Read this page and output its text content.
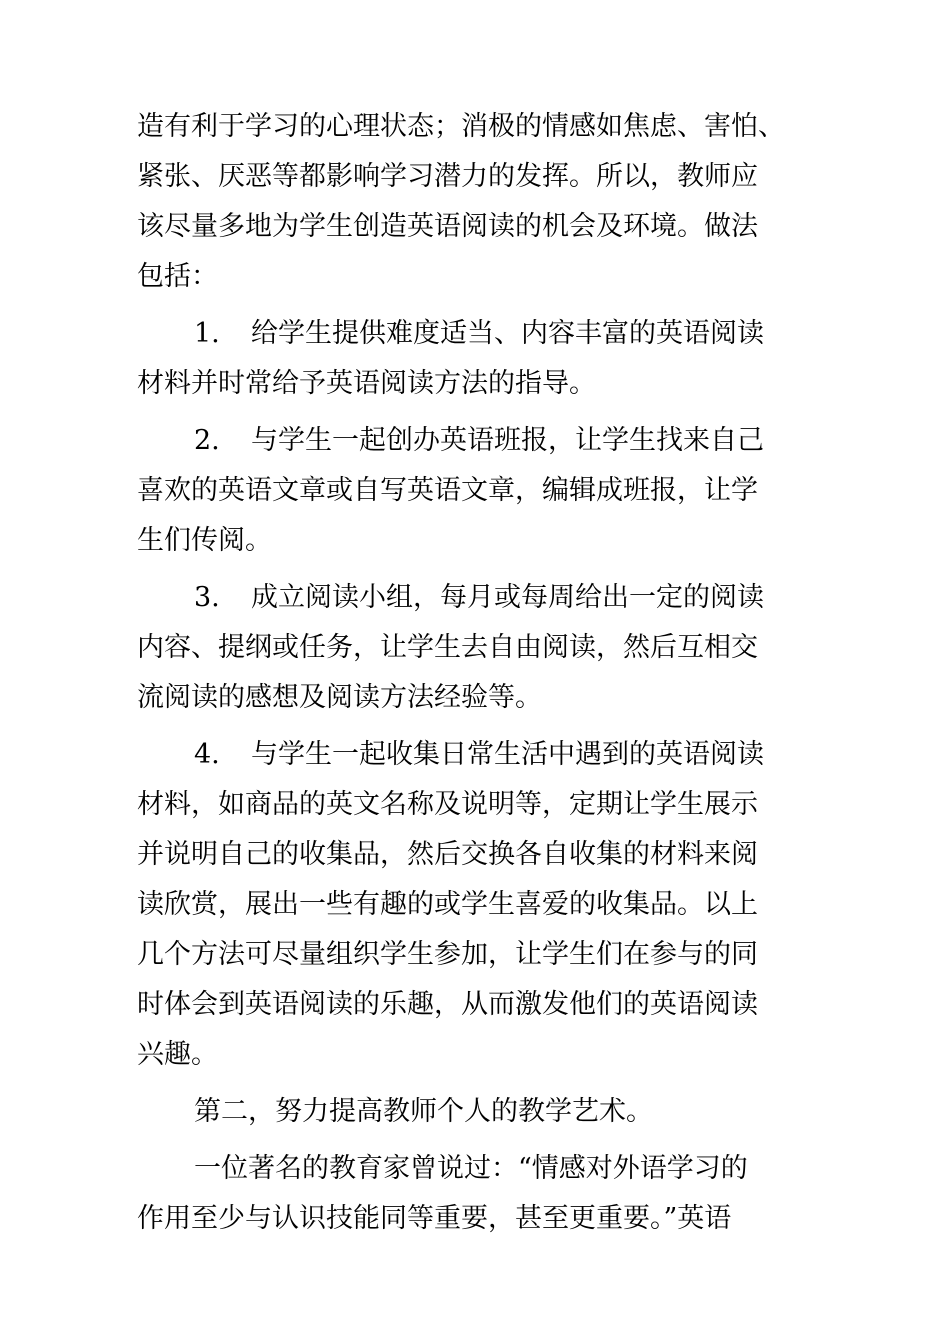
造有利于学习的心理状态；消极的情感如焦虑、害怕、
紧张、厌恶等都影响学习潜力的发挥。所以，教师应
该尽量多地为学生创造英语阅读的机会及环境。做法
包括：
1. 给学生提供难度适当、内容丰富的英语阅读
材料并时常给予英语阅读方法的指导。
2. 与学生一起创办英语班报，让学生找来自己
喜欢的英语文章或自写英语文章，编辑成班报，让学
生们传阅。
3. 成立阅读小组，每月或每周给出一定的阅读
内容、提纲或任务，让学生去自由阅读，然后互相交
流阅读的感想及阅读方法经验等。
4. 与学生一起收集日常生活中遇到的英语阅读
材料，如商品的英文名称及说明等，定期让学生展示
并说明自己的收集品，然后交换各自收集的材料来阅
读欣赏，展出一些有趣的或学生喜爱的收集品。以上
几个方法可尽量组织学生参加，让学生们在参与的同
时体会到英语阅读的乐趣，从而激发他们的英语阅读
兴趣。
第二，努力提高教师个人的教学艺术。
一位著名的教育家曾说过：“情感对外语学习的
作用至少与认识技能同等重要，甚至更重要。”英语
